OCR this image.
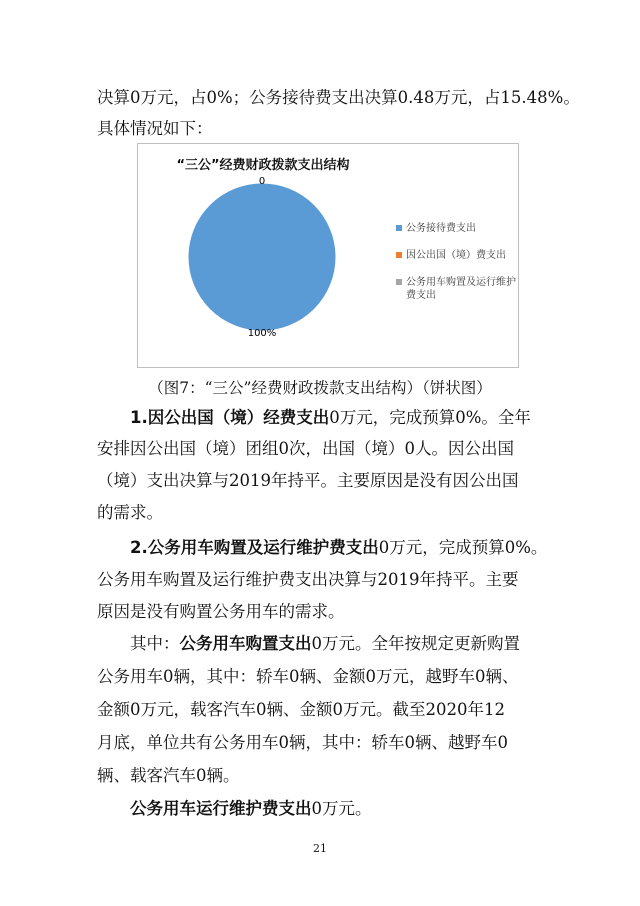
决算0万元，占0%；公务接待费支出决算0.48万元，占15.48%。
具体情况如下：
“三公”经费财政拨款支出结构
0
100%
公务接待费支出
因公出国（境）费支出
公务用车购置及运行维护费支出
（图7：“三公”经费财政拨款支出结构）（饼状图）
1.因公出国（境）经费支出0万元，完成预算0%。全年
安排因公出国（境）团组0次，出国（境）0人。因公出国
（境）支出决算与2019年持平。主要原因是没有因公出国
的需求。
2.公务用车购置及运行维护费支出0万元，完成预算0%。
公务用车购置及运行维护费支出决算与2019年持平。主要
原因是没有购置公务用车的需求。
其中：公务用车购置支出0万元。全年按规定更新购置
公务用车0辆，其中：轿车0辆、金额0万元，越野车0辆、
金额0万元，载客汽车0辆、金额0万元。截至2020年12
月底，单位共有公务用车0辆，其中：轿车0辆、越野车0
辆、载客汽车0辆。
公务用车运行维护费支出0万元。
21
